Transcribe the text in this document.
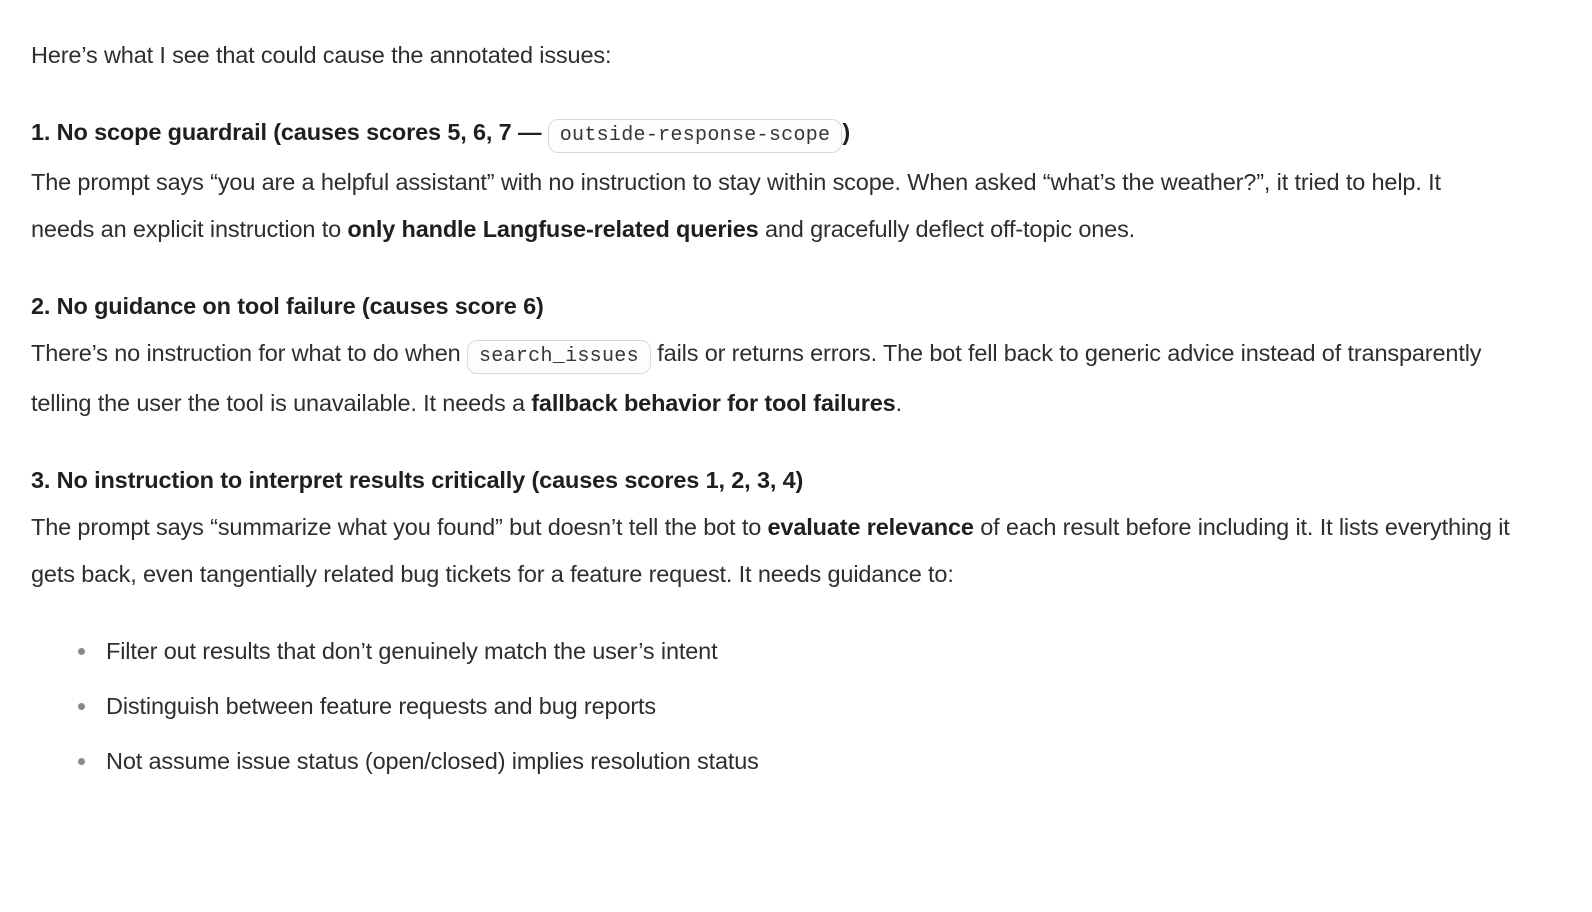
Here’s what I see that could cause the annotated issues:

1. No scope guardrail (causes scores 5, 6, 7 — outside-response-scope )
The prompt says “you are a helpful assistant” with no instruction to stay within scope. When asked “what’s the weather?”, it tried to help. It needs an explicit instruction to only handle Langfuse-related queries and gracefully deflect off-topic ones.
2. No guidance on tool failure (causes score 6)
There’s no instruction for what to do when search_issues fails or returns errors. The bot fell back to generic advice instead of transparently telling the user the tool is unavailable. It needs a fallback behavior for tool failures.
3. No instruction to interpret results critically (causes scores 1, 2, 3, 4)
The prompt says “summarize what you found” but doesn’t tell the bot to evaluate relevance of each result before including it. It lists everything it gets back, even tangentially related bug tickets for a feature request. It needs guidance to:
Filter out results that don’t genuinely match the user’s intent
Distinguish between feature requests and bug reports
Not assume issue status (open/closed) implies resolution status
